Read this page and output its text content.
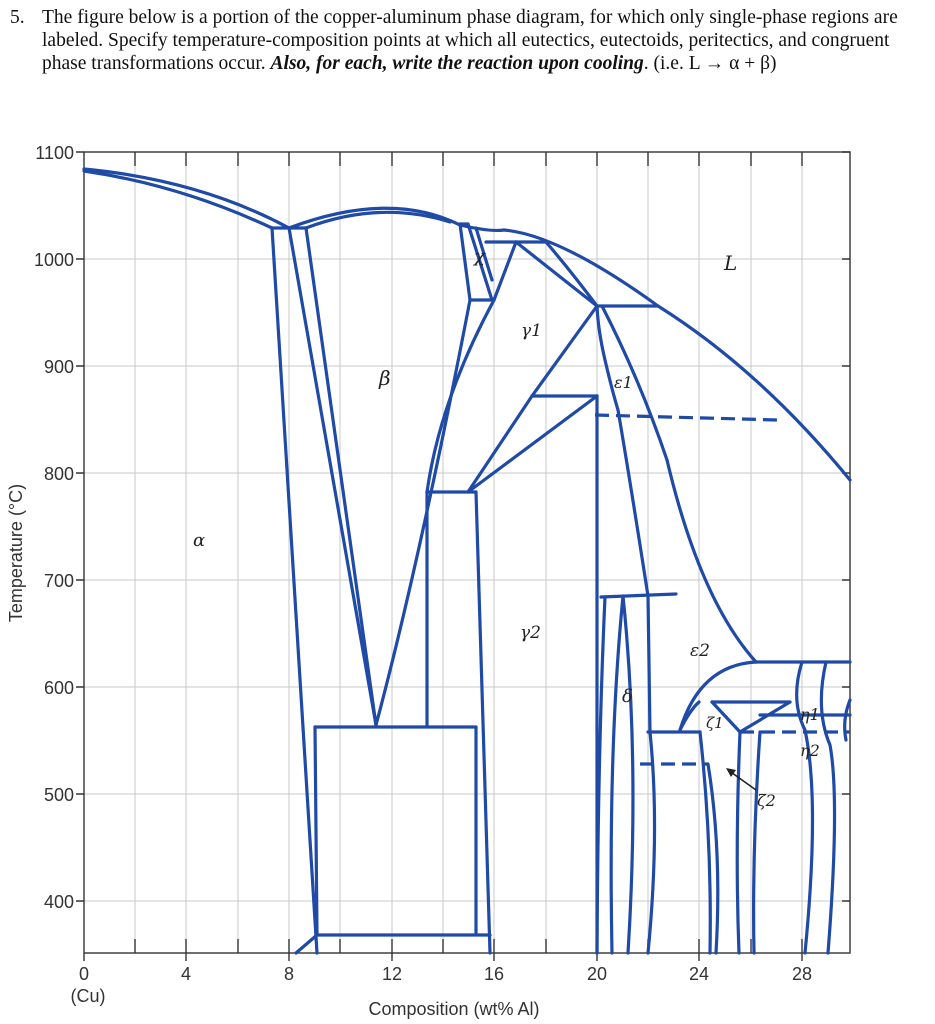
5. The figure below is a portion of the copper-aluminum phase diagram, for which only single-phase regions are labeled. Specify temperature-composition points at which all eutectics, eutectoids, peritectics, and congruent phase transformations occur. Also, for each, write the reaction upon cooling. (i.e. L → α + β)
1100
1000
900
800
700
600
500
400
0	4	8	12	16	20	24	28
(Cu)
Composition (wt% Al)
Temperature (°C)	α
β
χ
γ1
γ2
ε1
ε2
δ
ζ1
ζ2
η1
η2
L
